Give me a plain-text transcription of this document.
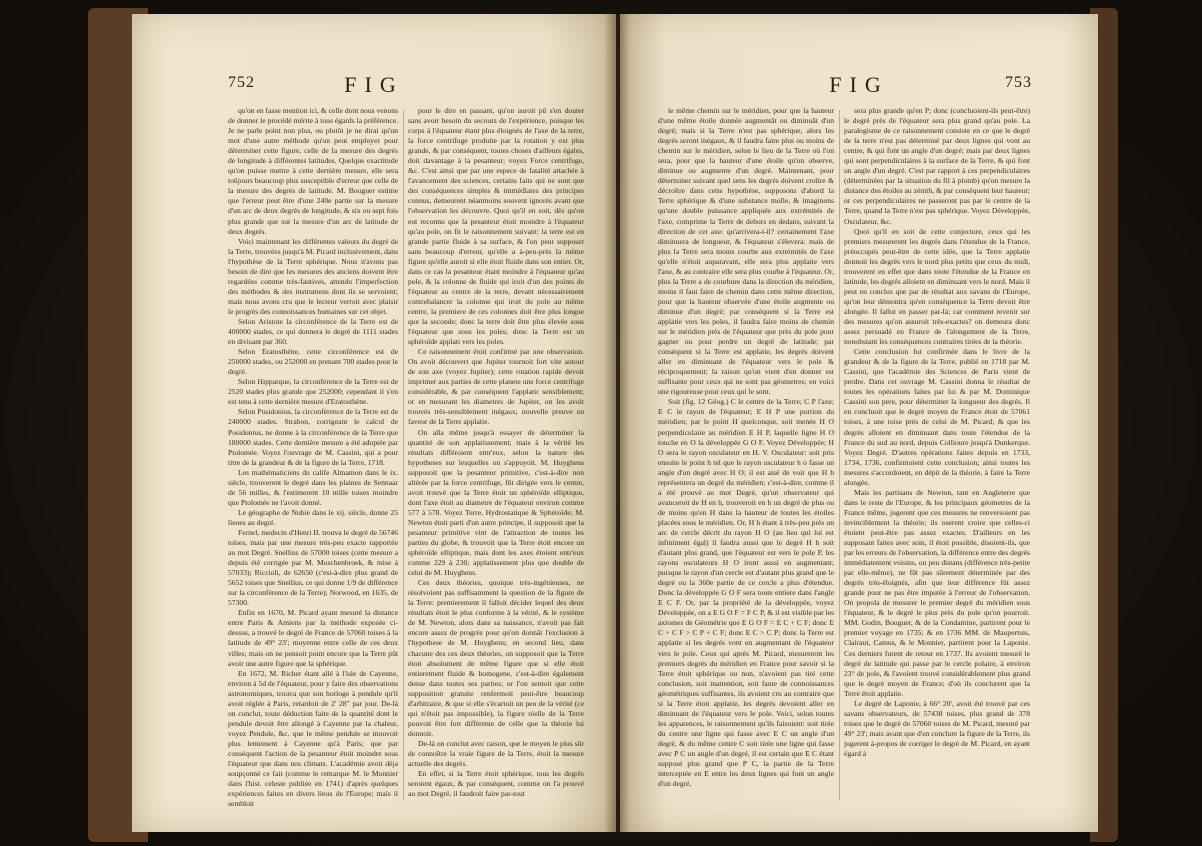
752	FIG

qu'on en fasse mention ici, & celle dont nous venons de donner le procédé mérite à tous égards la préférence. Je ne parle point non plus, ou plutôt je ne dirai qu'un mot d'une autre méthode qu'on peut employer pour déterminer cette figure, celle de la mesure des degrés de longitude à différentes latitudes. Quelque exactitude qu'on puisse mettre à cette dernière mesure, elle sera toûjours beaucoup plus susceptible d'erreur que celle de la mesure des degrés de latitude. M. Bouguer estime que l'erreur peut être d'une 240e partie sur la mesure d'un arc de deux degrés de longitude, & six ou sept fois plus grande que sur la mesure d'un arc de latitude de deux degrés.

Voici maintenant les différentes valeurs du degré de la Terre, trouvées jusqu'à M. Picard inclusivement, dans l'hypothèse de la Terre sphérique. Nous n'avons pas besoin de dire que les mesures des anciens doivent être regardées comme très-fautives, attendu l'imperfection des méthodes & des instrumens dont ils se servoient; mais nous avons cru que le lecteur verroit avec plaisir le progrès des connoissances humaines sur cet objet.

Selon Aristote la circonférence de la Terre est de 400000 stades, ce qui donnera le degré de 1111 stades en divisant par 360.

Selon Eratosthène, cette circonférence est de 250000 stades, ou 252000 en prenant 700 stades pour le degré.

Selon Hipparque, la circonférence de la Terre est de 2520 stades plus grande que 252000; cependant il s'en est tenu à cette dernière mesure d'Eratosthène.

Selon Posidonius, la circonférence de la Terre est de 240000 stades. Strabon, corrigeant le calcul de Posidonius, ne donne à la circonférence de la Terre que 180000 stades. Cette dernière mesure a été adoptée par Ptolomée. Voyez l'ouvrage de M. Cassini, qui a pour titre de la grandeur & de la figure de la Terre, 1718.

Les mathématiciens du calife Almamon dans le ix. siècle, trouverent le degré dans les plaines de Sennaar de 56 milles, & l'estimerent 10 mille toises moindre que Ptolomée ne l'avoit donné.

Le géographe de Nubie dans le xij. siècle, donne 25 lieues au degré.

Fernel, medecin d'Henri II. trouva le degré de 56746 toises, mais par une mesure très-peu exacte rapportée au mot Degré. Snellius de 57000 toises (cette mesure a depuis été corrigée par M. Muschenbroek, & mise à 57033); Riccioli, de 62650 (c'est-à-dire plus grand de 5652 toises que Snellius, ce qui donne 1/9 de différence sur la circonférence de la Terre); Norwood, en 1635, de 57300.

Enfin en 1670, M. Picard ayant mesuré la distance entre Paris & Amiens par la méthode exposée ci-dessus, a trouvé le degré de France de 57060 toises à la latitude de 49° 23'; moyenne entre celle de ces deux villes; mais on ne pensoit point encore que la Terre pût avoir une autre figure que la sphérique.

En 1672, M. Richer étant allé à l'isle de Cayenne, environ à 5d de l'équateur, pour y faire des observations astronomiques, trouva que son horloge à pendule qu'il avoit réglée à Paris, retardoit de 2' 28" par jour. De-là on conclut, toute déduction faite de la quantité dont le pendule devoit être allongé à Cayenne par la chaleur, voyez Pendule, &c. que le même pendule se mouvoit plus lentement à Cayenne qu'à Paris; que par conséquent l'action de la pesanteur étoit moindre sous l'équateur que dans nos climats. L'académie avoit déja soupçonné ce fait (comme le remarque M. le Monnier dans l'hist. celeste publiée en 1741) d'après quelques expériences faites en divers lieux de l'Europe; mais il sembloit

pour le dire en passant, qu'on auroit pû s'en douter sans avoir besoin du secours de l'expérience, puisque les corps à l'équateur étant plus éloignés de l'axe de la terre, la force centrifuge produite par la rotation y est plus grande, & par conséquent, toutes choses d'ailleurs égales, doit davantage à la pesanteur; voyez Force centrifuge, &c. C'est ainsi que par une espece de fatalité attachée à l'avancement des sciences, certains faits qui ne sont que des conséquences simples & immédiates des principes connus, demeurent néanmoins souvent ignorés avant que l'observation les découvre. Quoi qu'il en soit, dès qu'on eut reconnu que la pesanteur étoit moindre à l'équateur qu'au pole, on fit le raisonnement suivant: la terre est en grande partie fluide à sa surface, & l'on peut supposer sans beaucoup d'erreur, qu'elle a à-peu-près la même figure qu'elle auroit si elle étoit fluide dans son entier. Or, dans ce cas la pesanteur étant moindre à l'équateur qu'au pole, & la colonne de fluide qui iroit d'un des points de l'équateur au centre de la terre, devant nécessairement contrebalancer la colonne qui iroit du pole au même centre, la premiere de ces colonnes doit être plus longue que la seconde; donc la terre doit être plus élevée sous l'équateur que sous les poles; donc la Terre est un sphéroïde applati vers les poles.

Ce raisonnement étoit confirmé par une observation. On avoit découvert que Jupiter tournoit fort vite autour de son axe (voyez Jupiter); cette rotation rapide devoit imprimer aux parties de cette planete une force centrifuge considérable, & par conséquent l'applatir sensiblement; or en mesurant les diametres de Jupiter, on les avoit trouvés très-sensiblement inégaux; nouvelle preuve en faveur de la Terre applatie.

On alla même jusqu'à essayer de déterminer la quantité de son applatissement; mais à la vérité les résultats différoient entr'eux, selon la nature des hypotheses sur lesquelles on s'appuyoit. M. Huyghens supposoit que la pesanteur primitive, c'est-à-dire non altérée par la force centrifuge, fût dirigée vers le centre, avoit trouvé que la Terre étoit un sphéroïde elliptique, dont l'axe étoit au diametre de l'équateur environ comme 577 à 578. Voyez Terre, Hydrostatique & Sphéroïde; M. Newton étoit parti d'un autre principe, il supposoit que la pesanteur primitive vint de l'attraction de toutes les parties du globe, & trouvoit que la Terre étoit encore un sphéroïde elliptique, mais dont les axes étoient entr'eux comme 229 à 230; applatissement plus que double de celui de M. Huyghens.

Ces deux théories, quoique très-ingénieuses, ne résolvoient pas suffisamment la question de la figure de la Terre: premierement il falloit décider lequel des deux résultats étoit le plus conforme à la vérité, & le système de M. Newton, alors dans sa naissance, n'avoit pas fait encore assez de progrès pour qu'on donnât l'exclusion à l'hypothese de M. Huyghens; en second lieu, dans chacune des ces deux théories, on supposoit que la Terre étoit absolument de même figure que si elle étoit entierement fluide & homogene, c'est-à-dire également dense dans toutes ses parties; or l'on sentoit que cette supposition gratuite renfermoit peut-être beaucoup d'arbitraire, & que si elle s'écartoit un peu de la vérité (ce qui n'étoit pas impossible), la figure réelle de la Terre pouvoit être fort différente de celle que la théorie lui donnoit.

De-là on conclut avec raison, que le moyen le plus sûr de connoître la vraie figure de la Terre, étoit la mesure actuelle des degrés.

En effet, si la Terre étoit sphérique, tous les degrés seroient égaux, & par conséquent, comme on l'a prouvé au mot Degré, il faudroit faire par-tout

FIG	753

le même chemin sur le méridien, pour que la hauteur d'une même étoile donnée augmentât ou diminuât d'un degré; mais si la Terre n'est pas sphérique, alors les degrés seront inégaux, & il faudra faire plus ou moins de chemin sur le méridien, selon le lieu de la Terre où l'on sera, pour que la hauteur d'une étoile qu'on observe, diminue ou augmente d'un degré. Maintenant, pour déterminer suivant quel sens les degrés doivent croître & décroître dans cette hypothèse, supposons d'abord la Terre sphérique & d'une substance molle, & imaginons qu'une double puissance appliquée aux extrémités de l'axe, comprime la Terre de dehors en dedans, suivant la direction de cet axe: qu'arrivera-t-il? certainement l'axe diminuera de longueur, & l'équateur s'élevera: mais de plus la Terre sera moins courbe aux extrémités de l'axe qu'elle n'étoit auparavant, elle sera plus applatie vers l'axe, & au contraire elle sera plus courbe à l'équateur. Or, plus la Terre a de courbure dans la direction du méridien, moins il faut faire de chemin dans cette même direction, pour que la hauteur observée d'une étoile augmente ou diminue d'un degré; par conséquent si la Terre est applatie vers les poles, il faudra faire moins de chemin sur le méridien près de l'équateur que près du pole pour gagner ou pour perdre un degré de latitude; par conséquent si la Terre est applatie, les degrés doivent aller en diminuant de l'équateur vers le pole & réciproquement; la raison qu'on vient d'en donner est suffisante pour ceux qui ne sont pas géometres; en voici une rigoureuse pour ceux qui le sont.

Soit (fig. 12 Géog.) C le centre de la Terre; C P l'axe; E C le rayon de l'équateur; E H P une portion du méridien; par le point H quelconque, soit menée H O perpendiculaire au méridien E H P, laquelle ligne H O touche en O la développée G O F. Voyez Développée; H O sera le rayon osculateur en H. V. Osculateur: soit pris ensuite le point h tel que le rayon osculateur h o fasse un angle d'un degré avec H O; il est aisé de voir que H h représentera un degré du méridien; c'est-à-dire, comme il a été prouvé au mot Degré, qu'un observateur qui avanceroit de H en h, trouveroit en h un degré de plus ou de moins qu'en H dans la hauteur de toutes les étoiles placées sous le méridien. Or, H h étant à très-peu près un arc de cercle décrit du rayon H O (au lieu qui lui est infiniment égal) il faudra aussi que le degré H h soit d'autant plus grand, que l'équateur est vers le pole P, les rayons osculateurs H O iront aussi en augmentant; puisque le rayon d'un cercle est d'autant plus grand que le degré ou la 360e partie de ce cercle a plus d'étendue. Donc la développée G O F sera toute entiere dans l'angle E C F. Or, par la propriété de la développée, voyez Développée, on a E G O F = F C P, & il est visible par les axiomes de Géométrie que E G O F = E C + C F; donc E C + C F > C P + C F; donc E C > C P; donc la Terre est applatie si les degrés vont en augmentant de l'équateur vers le pole. Ceux qui après M. Picard, mesurerent les premiers degrés du méridien en France pour savoir si la Terre étoit sphérique ou non, n'avoient pas tiré cette conclusion, soit inattention, soit faute de connoissances géométriques suffisantes, ils avoient cru au contraire que si la Terre étoit applatie, les degrés devoient aller en diminuant de l'équateur vers le pole. Voici, selon toutes les apparences, le raisonnement qu'ils faisoient: soit tirée du centre une ligne qui fasse avec E C un angle d'un degré, & du même centre C soit tirée une ligne qui fasse avec P C un angle d'un degré, il est certain que E C étant supposé plus grand que P C, la partie de la Terre interceptée en E entre les deux lignes qui font un angle d'un degré,

sera plus grande qu'en P; donc (concluoient-ils peut-être) le degré près de l'équateur sera plus grand qu'au pole. La paralogisme de ce raisonnement consiste en ce que le degré de la terre n'est pas déterminé par deux lignes qui vont au centre, & qui font un angle d'un degré; mais par deux lignes qui sont perpendiculaires à la surface de la Terre, & qui font un angle d'un degré. C'est par rapport à ces perpendiculaires (déterminées par la situation du fil à plomb) qu'on mesure la distance des étoiles au zénith, & par conséquent leur hauteur; or ces perpendiculaires ne passeront pas par le centre de la Terre, quand la Terre n'est pas sphérique. Voyez Développée, Osculateur, &c.

Quoi qu'il en soit de cette conjecture, ceux qui les premiers mesurerent les degrés dans l'étendue de la France, préoccupés peut-être de cette idée, que la Terre applatie donnoit les degrés vers le nord plus petits que ceux du midi, trouverent en effet que dans toute l'étendue de la France en latitude, les degrés alloient en diminuant vers le nord. Mais il peut en conclus que par de résultat aux savans de l'Europe, qu'on leur démontra qu'en conséquence la Terre devoit être alongée. Il fallut en passer par-là; car comment revenir sur des mesures qu'on assuroit très-exactes? on demeura donc assez persuadé en France de l'alongement de la Terre, nonobstant les conséquences contraires tirées de la théorie.

Cette conclusion fut confirmée dans le livre de la grandeur & de la figure de la Terre, publié en 1718 par M. Cassini, que l'académie des Sciences de Paris vient de perdre. Dans cet ouvrage M. Cassini donna le résultat de toutes les opérations faites par lui & par M. Dominique Cassini son pere, pour déterminer la longueur des degrés. Il en concluoit que le degré moyen de France étoit de 57061 toises, à une toise près de celui de M. Picard; & que les degrés alloient en diminuant dans toute l'étendue de la France du sud au nord, depuis Collioure jusqu'à Dunkerque. Voyez Degré. D'autres opérations faites depuis en 1733, 1734, 1736, confirmoient cette conclusion; ainsi toutes les mesures s'accordoient, en dépit de la théorie, à faire la Terre alongée.

Mais les partisans de Newton, tant en Angleterre que dans le reste de l'Europe, & les principaux géometres de la France même, jugerent que ces mesures ne renversoient pas invinciblement la théorie; ils oserent croire que celles-ci étoient peut-être pas assez exactes. D'ailleurs en les supposant faites avec soin, il étoit possible, disoient-ils, que par les erreurs de l'observation, la différence entre des degrés immédiatement voisins, ou peu distans (différence très-petite par elle-même), ne fût pas sûrement déterminée par des degrés très-éloignés, afin que leur différence fût assez grande pour ne pas être imputée à l'erreur de l'observation. On propola de mesurer le premier degré du méridien sous l'équateur, & le degré le plus près du pole qu'on pourroit. MM. Godin, Bouguer, & de la Condamine, partirent pour le premier voyage en 1735; & en 1736 MM. de Maupertuis, Clairaut, Camus, & le Monnier, partirent pour la Laponie. Ces derniers furent de retour en 1737. Ils avoient mesuré le degré de latitude qui passe par le cercle polaire, à environ 23° de pole, & l'avoient trouvé considérablement plus grand que le degré moyen de France; d'où ils conclurent que la Terre étoit applatie.

Le degré de Laponie, à 66° 20', avoit été trouvé par ces savans observateurs, de 57438 toises, plus grand de 378 toises que le degré de 57060 toises de M. Picard, mesuré par 49° 23'; mais avant que d'en conclure la figure de la Terre, ils jugerent à-propos de corriger le degré de M. Picard, en ayant égard à
